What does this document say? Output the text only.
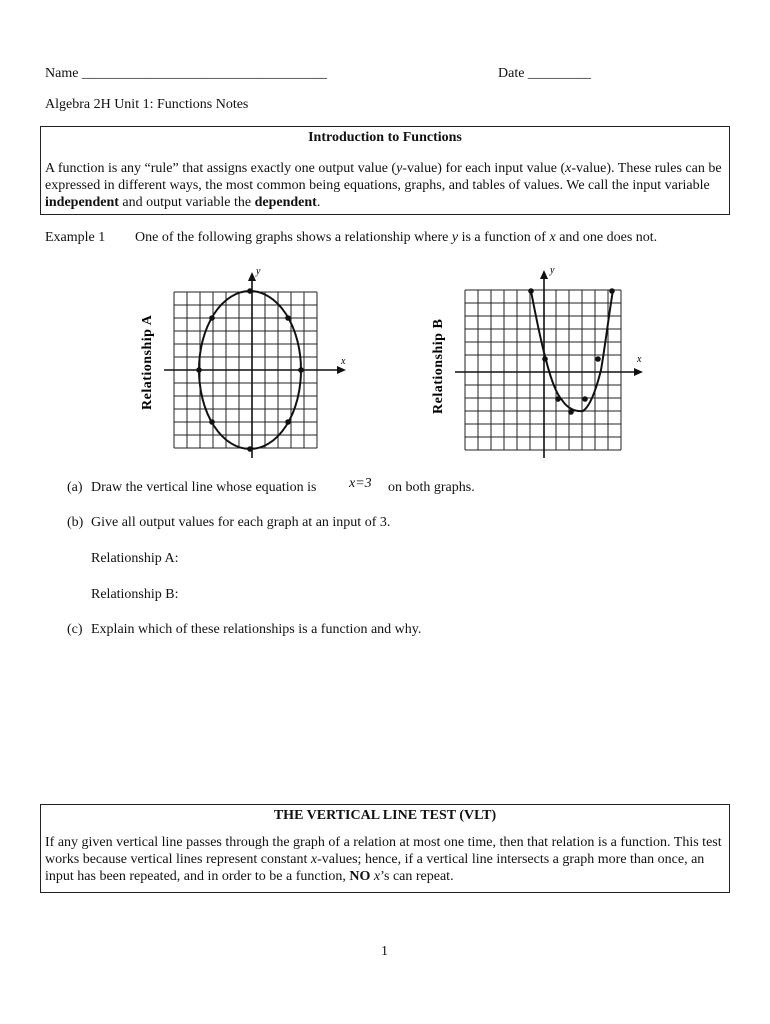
Name ___________________________________	Date _________
Algebra 2H Unit 1: Functions Notes
Introduction to Functions
A function is any “rule” that assigns exactly one output value (y-value) for each input value (x-value). These rules can be expressed in different ways, the most common being equations, graphs, and tables of values. We call the input variable independent and output variable the dependent.
Example 1 One of the following graphs shows a relationship where y is a function of x and one does not.
x
y
Relationship A	x
y
Relationship B
(a) Draw the vertical line whose equation is x=3 on both graphs.
(b) Give all output values for each graph at an input of 3.
Relationship A:
Relationship B:
(c) Explain which of these relationships is a function and why.
THE VERTICAL LINE TEST (VLT)
If any given vertical line passes through the graph of a relation at most one time, then that relation is a function. This test works because vertical lines represent constant x-values; hence, if a vertical line intersects a graph more than once, an input has been repeated, and in order to be a function, NO x’s can repeat.
1
